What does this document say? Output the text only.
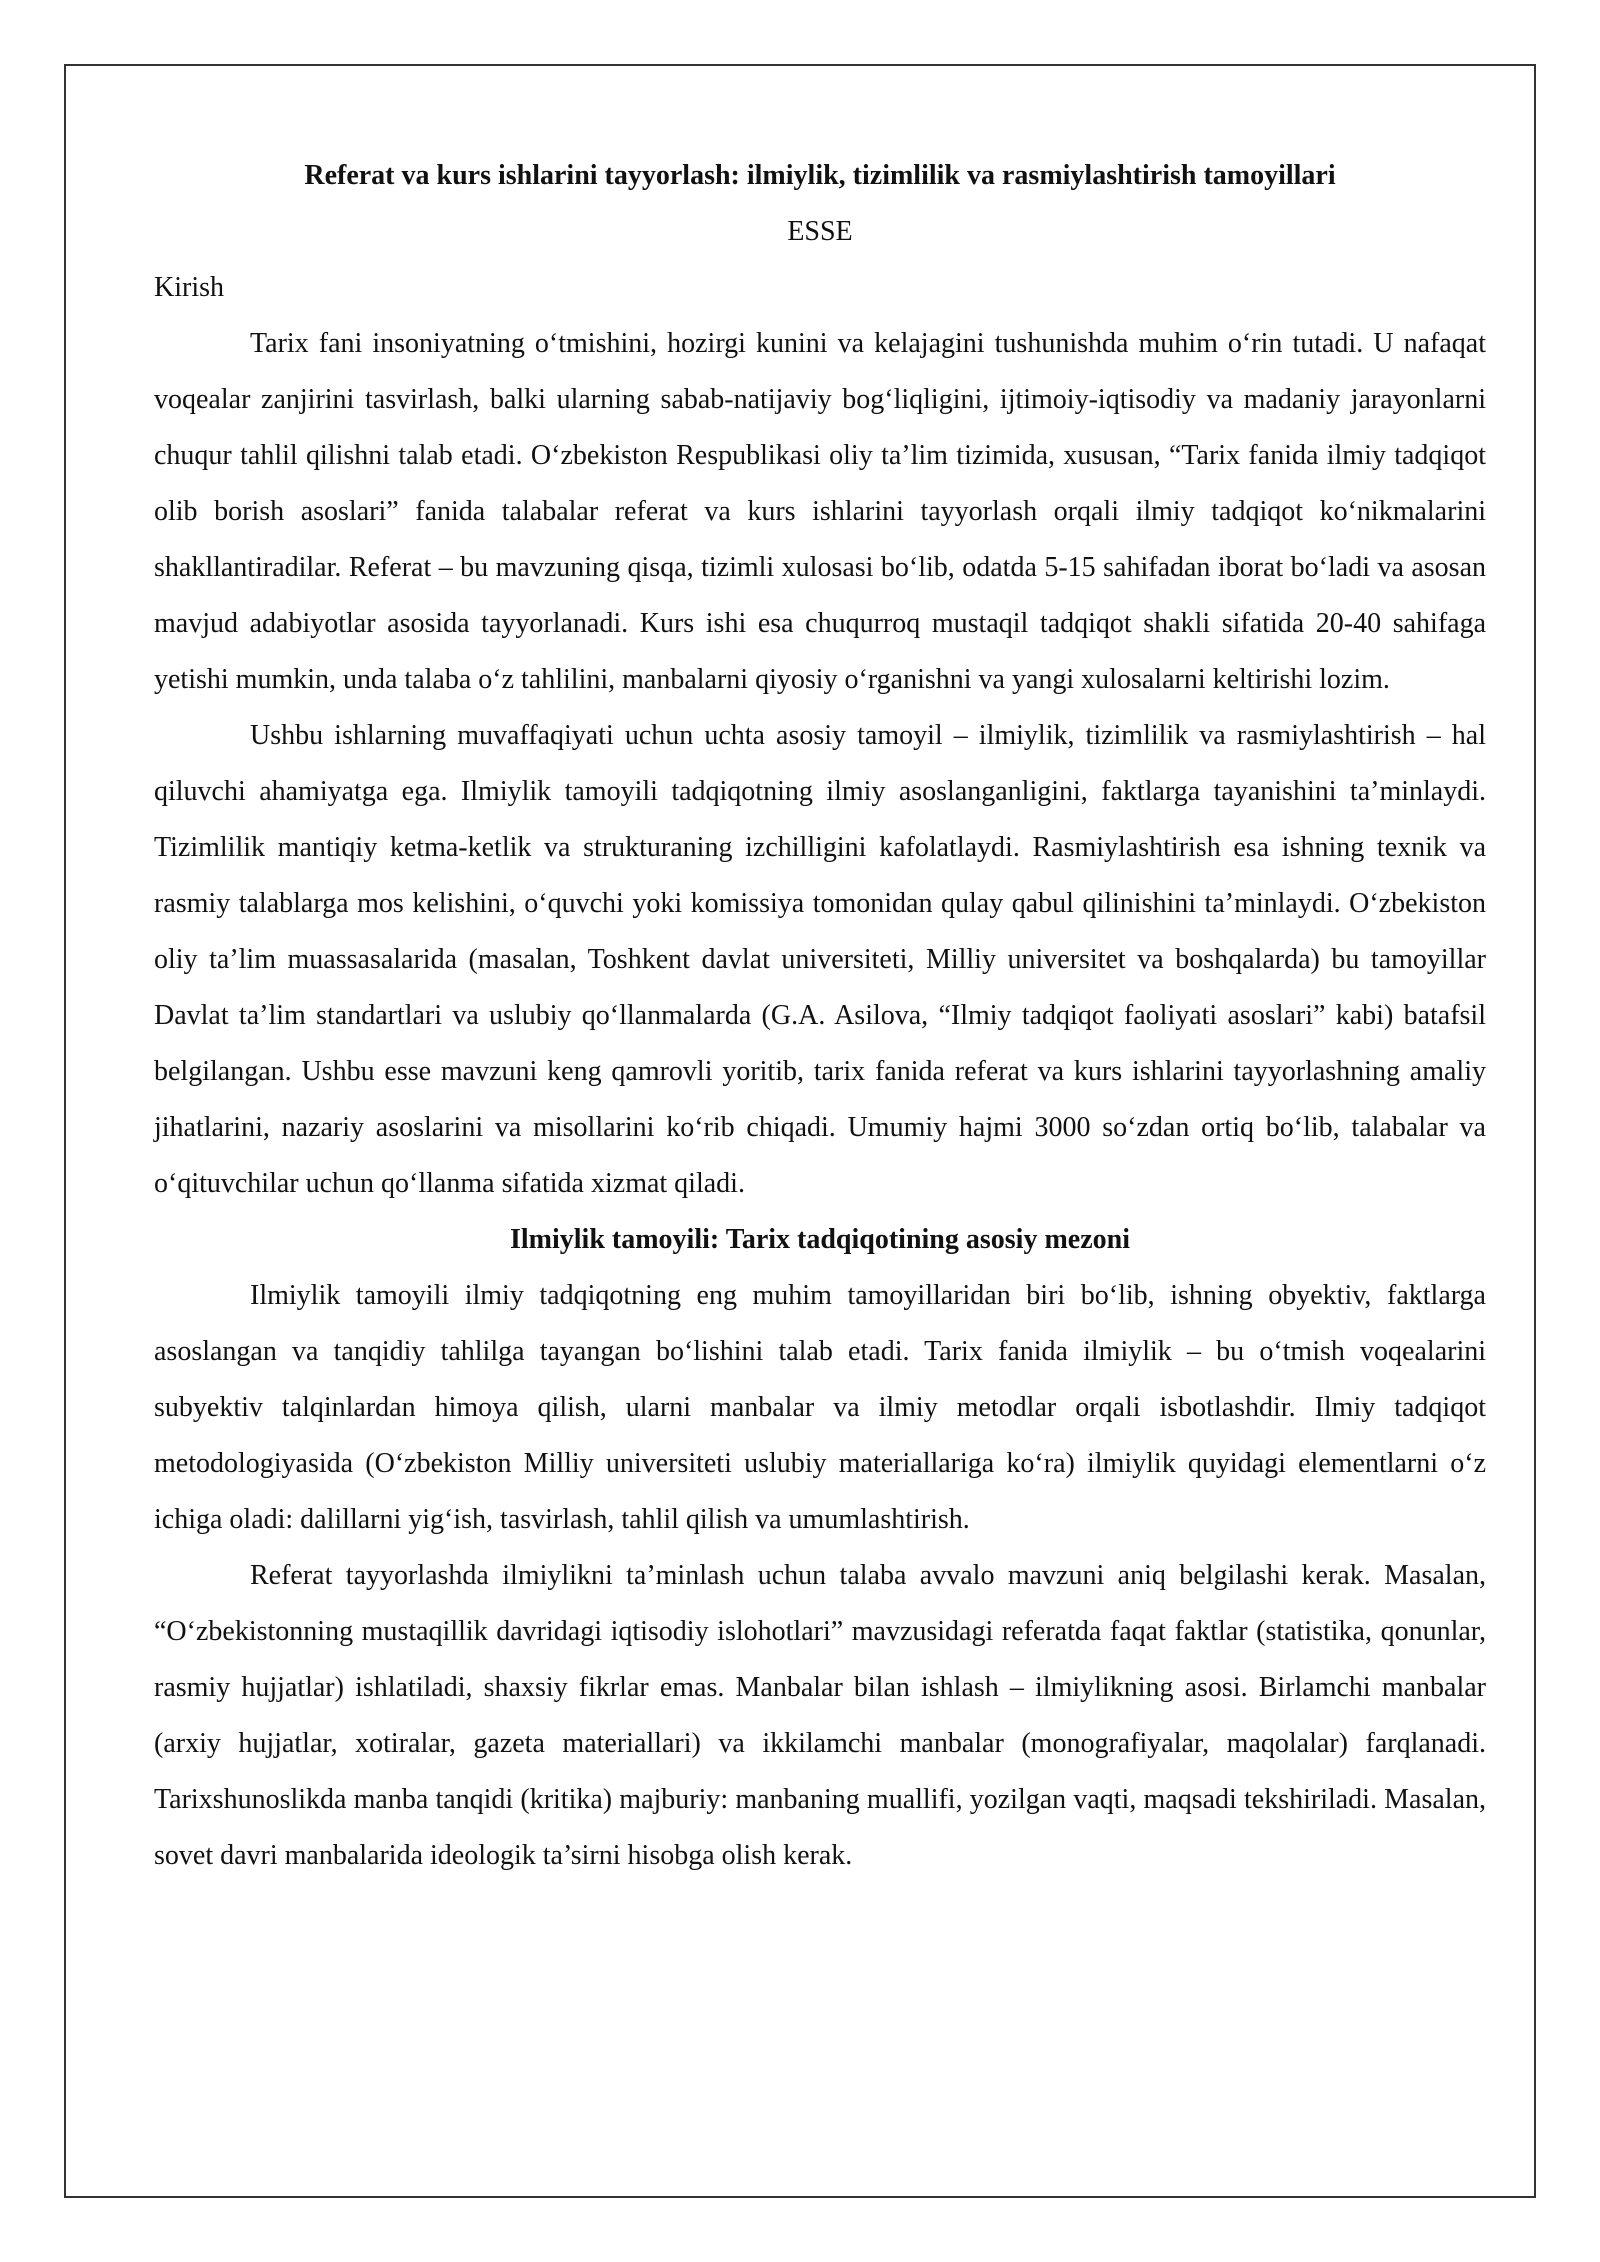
Referat va kurs ishlarini tayyorlash: ilmiylik, tizimlilik va rasmiylashtirish tamoyillari

ESSE

Kirish

Tarix fani insoniyatning o‘tmishini, hozirgi kunini va kelajagini tushunishda muhim o‘rin tutadi. U nafaqat voqealar zanjirini tasvirlash, balki ularning sabab-natijaviy bog‘liqligini, ijtimoiy-iqtisodiy va madaniy jarayonlarni chuqur tahlil qilishni talab etadi. O‘zbekiston Respublikasi oliy ta’lim tizimida, xususan, “Tarix fanida ilmiy tadqiqot olib borish asoslari” fanida talabalar referat va kurs ishlarini tayyorlash orqali ilmiy tadqiqot ko‘nikmalarini shakllantiradilar. Referat – bu mavzuning qisqa, tizimli xulosasi bo‘lib, odatda 5-15 sahifadan iborat bo‘ladi va asosan mavjud adabiyotlar asosida tayyorlanadi. Kurs ishi esa chuqurroq mustaqil tadqiqot shakli sifatida 20-40 sahifaga yetishi mumkin, unda talaba o‘z tahlilini, manbalarni qiyosiy o‘rganishni va yangi xulosalarni keltirishi lozim.

Ushbu ishlarning muvaffaqiyati uchun uchta asosiy tamoyil – ilmiylik, tizimlilik va rasmiylashtirish – hal qiluvchi ahamiyatga ega. Ilmiylik tamoyili tadqiqotning ilmiy asoslanganligini, faktlarga tayanishini ta’minlaydi. Tizimlilik mantiqiy ketma-ketlik va strukturaning izchilligini kafolatlaydi. Rasmiylashtirish esa ishning texnik va rasmiy talablarga mos kelishini, o‘quvchi yoki komissiya tomonidan qulay qabul qilinishini ta’minlaydi. O‘zbekiston oliy ta’lim muassasalarida (masalan, Toshkent davlat universiteti, Milliy universitet va boshqalarda) bu tamoyillar Davlat ta’lim standartlari va uslubiy qo‘llanmalarda (G.A. Asilova, “Ilmiy tadqiqot faoliyati asoslari” kabi) batafsil belgilangan. Ushbu esse mavzuni keng qamrovli yoritib, tarix fanida referat va kurs ishlarini tayyorlashning amaliy jihatlarini, nazariy asoslarini va misollarini ko‘rib chiqadi. Umumiy hajmi 3000 so‘zdan ortiq bo‘lib, talabalar va o‘qituvchilar uchun qo‘llanma sifatida xizmat qiladi.

Ilmiylik tamoyili: Tarix tadqiqotining asosiy mezoni

Ilmiylik tamoyili ilmiy tadqiqotning eng muhim tamoyillaridan biri bo‘lib, ishning obyektiv, faktlarga asoslangan va tanqidiy tahlilga tayangan bo‘lishini talab etadi. Tarix fanida ilmiylik – bu o‘tmish voqealarini subyektiv talqinlardan himoya qilish, ularni manbalar va ilmiy metodlar orqali isbotlashdir. Ilmiy tadqiqot metodologiyasida (O‘zbekiston Milliy universiteti uslubiy materiallariga ko‘ra) ilmiylik quyidagi elementlarni o‘z ichiga oladi: dalillarni yig‘ish, tasvirlash, tahlil qilish va umumlashtirish.

Referat tayyorlashda ilmiylikni ta’minlash uchun talaba avvalo mavzuni aniq belgilashi kerak. Masalan, “O‘zbekistonning mustaqillik davridagi iqtisodiy islohotlari” mavzusidagi referatda faqat faktlar (statistika, qonunlar, rasmiy hujjatlar) ishlatiladi, shaxsiy fikrlar emas. Manbalar bilan ishlash – ilmiylikning asosi. Birlamchi manbalar (arxiy hujjatlar, xotiralar, gazeta materiallari) va ikkilamchi manbalar (monografiyalar, maqolalar) farqlanadi. Tarixshunoslikda manba tanqidi (kritika) majburiy: manbaning muallifi, yozilgan vaqti, maqsadi tekshiriladi. Masalan, sovet davri manbalarida ideologik ta’sirni hisobga olish kerak.
